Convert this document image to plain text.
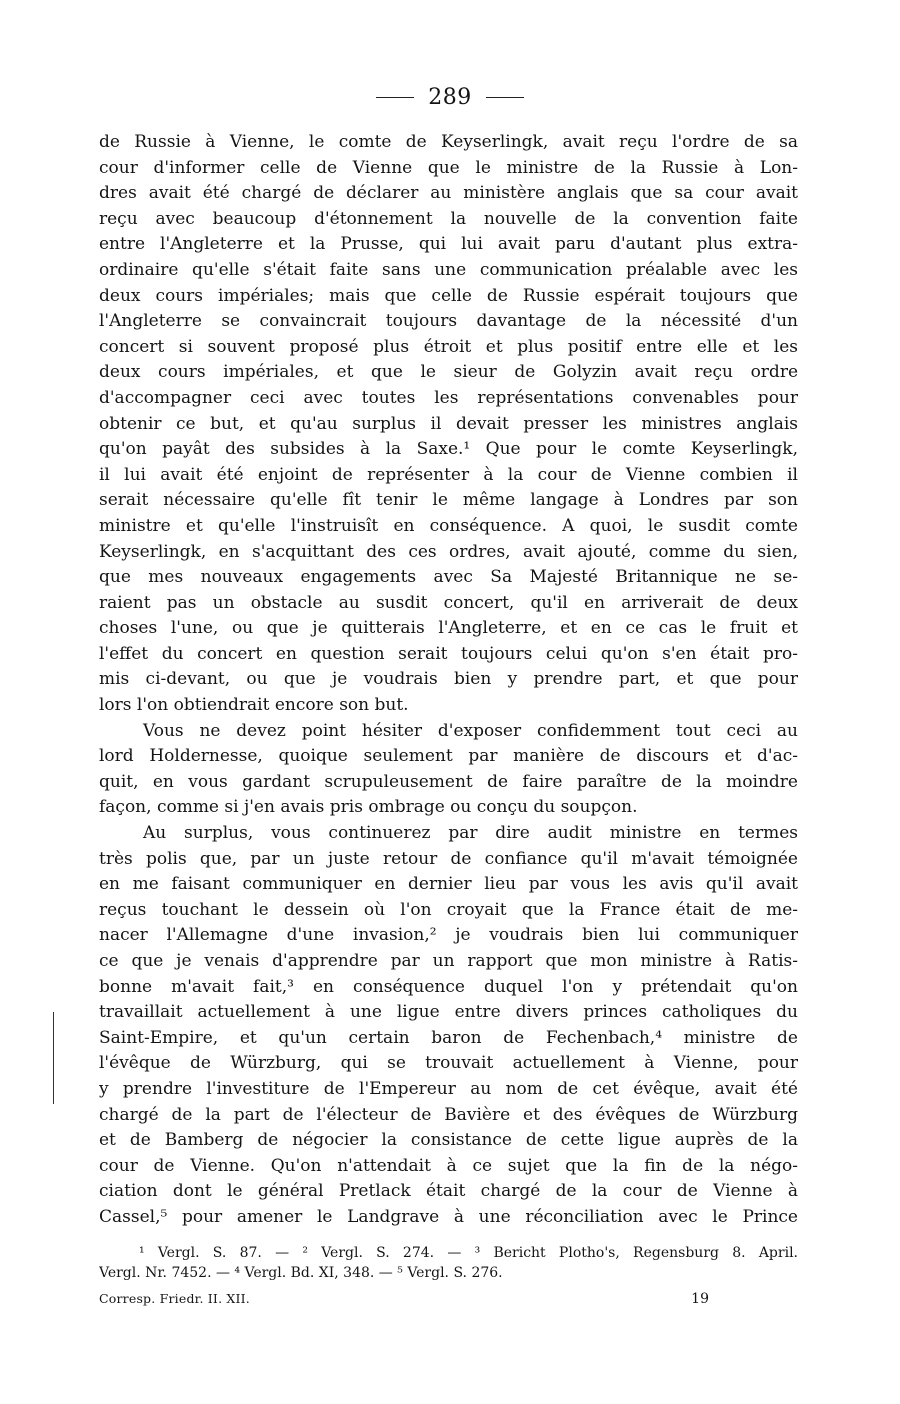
289
de Russie à Vienne, le comte de Keyserlingk, avait reçu l'ordre de sa
cour d'informer celle de Vienne que le ministre de la Russie à Lon-
dres avait été chargé de déclarer au ministère anglais que sa cour avait
reçu avec beaucoup d'étonnement la nouvelle de la convention faite
entre l'Angleterre et la Prusse, qui lui avait paru d'autant plus extra-
ordinaire qu'elle s'était faite sans une communication préalable avec les
deux cours impériales; mais que celle de Russie espérait toujours que
l'Angleterre se convaincrait toujours davantage de la nécessité d'un
concert si souvent proposé plus étroit et plus positif entre elle et les
deux cours impériales, et que le sieur de Golyzin avait reçu ordre
d'accompagner ceci avec toutes les représentations convenables pour
obtenir ce but, et qu'au surplus il devait presser les ministres anglais
qu'on payât des subsides à la Saxe.¹ Que pour le comte Keyserlingk,
il lui avait été enjoint de représenter à la cour de Vienne combien il
serait nécessaire qu'elle fît tenir le même langage à Londres par son
ministre et qu'elle l'instruisît en conséquence. A quoi, le susdit comte
Keyserlingk, en s'acquittant des ces ordres, avait ajouté, comme du sien,
que mes nouveaux engagements avec Sa Majesté Britannique ne se-
raient pas un obstacle au susdit concert, qu'il en arriverait de deux
choses l'une, ou que je quitterais l'Angleterre, et en ce cas le fruit et
l'effet du concert en question serait toujours celui qu'on s'en était pro-
mis ci-devant, ou que je voudrais bien y prendre part, et que pour
lors l'on obtiendrait encore son but.
Vous ne devez point hésiter d'exposer confidemment tout ceci au
lord Holdernesse, quoique seulement par manière de discours et d'ac-
quit, en vous gardant scrupuleusement de faire paraître de la moindre
façon, comme si j'en avais pris ombrage ou conçu du soupçon.
Au surplus, vous continuerez par dire audit ministre en termes
très polis que, par un juste retour de confiance qu'il m'avait témoignée
en me faisant communiquer en dernier lieu par vous les avis qu'il avait
reçus touchant le dessein où l'on croyait que la France était de me-
nacer l'Allemagne d'une invasion,² je voudrais bien lui communiquer
ce que je venais d'apprendre par un rapport que mon ministre à Ratis-
bonne m'avait fait,³ en conséquence duquel l'on y prétendait qu'on
travaillait actuellement à une ligue entre divers princes catholiques du
Saint-Empire, et qu'un certain baron de Fechenbach,⁴ ministre de
l'évêque de Würzburg, qui se trouvait actuellement à Vienne, pour
y prendre l'investiture de l'Empereur au nom de cet évêque, avait été
chargé de la part de l'électeur de Bavière et des évêques de Würzburg
et de Bamberg de négocier la consistance de cette ligue auprès de la
cour de Vienne. Qu'on n'attendait à ce sujet que la fin de la négo-
ciation dont le général Pretlack était chargé de la cour de Vienne à
Cassel,⁵ pour amener le Landgrave à une réconciliation avec le Prince
¹ Vergl. S. 87. — ² Vergl. S. 274. — ³ Bericht Plotho's, Regensburg 8. April.
Vergl. Nr. 7452. — ⁴ Vergl. Bd. XI, 348. — ⁵ Vergl. S. 276.
Corresp. Friedr. II. XII.	19
